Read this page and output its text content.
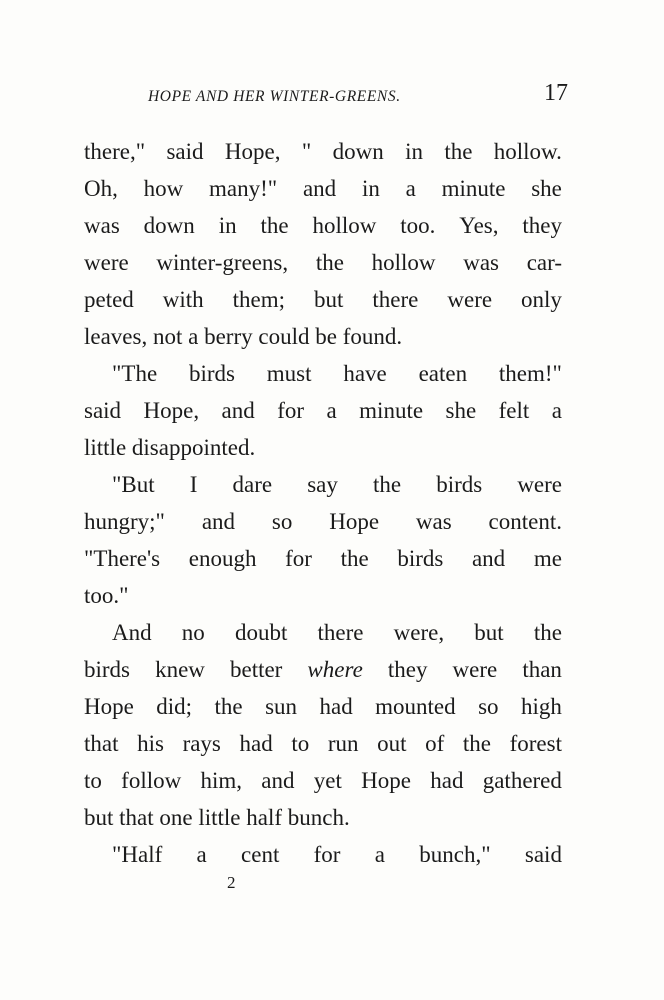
HOPE AND HER WINTER-GREENS.	17
there," said Hope, " down in the hollow.
Oh, how many!" and in a minute she
was down in the hollow too. Yes, they
were winter-greens, the hollow was car-
peted with them; but there were only
leaves, not a berry could be found.
"The birds must have eaten them!"
said Hope, and for a minute she felt a
little disappointed.
"But I dare say the birds were
hungry;" and so Hope was content.
"There's enough for the birds and me
too."
And no doubt there were, but the
birds knew better where they were than
Hope did; the sun had mounted so high
that his rays had to run out of the forest
to follow him, and yet Hope had gathered
but that one little half bunch.
"Half a cent for a bunch," said
2
